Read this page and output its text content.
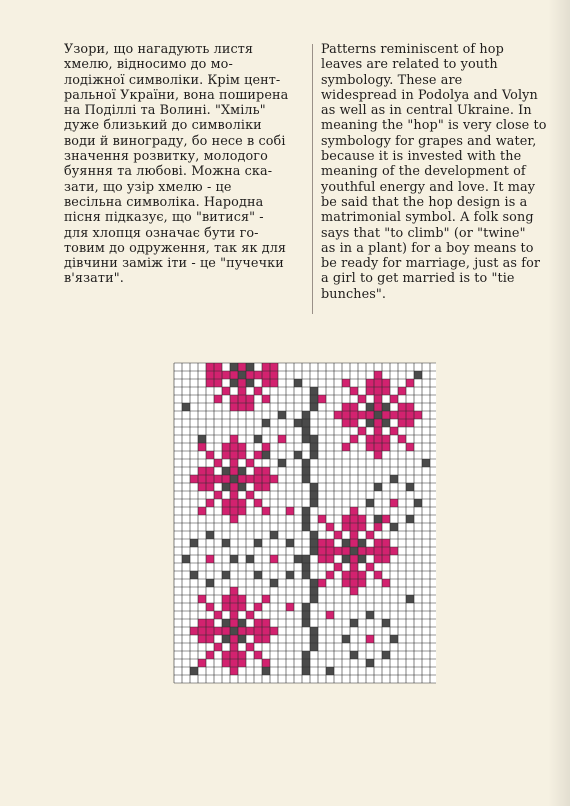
Узори, що нагадують листя

хмелю, відносимо до мо-

лодіжної символіки. Крім цент-

ральної України, вона поширена

на Поділлі та Волині. "Хміль"

дуже близький до символіки

води й винограду, бо несе в собі

значення розвитку, молодого

буяння та любові. Можна ска-

зати, що узір хмелю - це

весільна символіка. Народна

пісня підказує, що "витися" -

для хлопця означає бути го-

товим до одруження, так як для

дівчини заміж іти - це "пучечки

в'язати".

Patterns reminiscent of hop

leaves are related to youth

symbology. These are

widespread in Podolya and Volyn

as well as in central Ukraine. In

meaning the "hop" is very close to

symbology for grapes and water,

because it is invested with the

meaning of the development of

youthful energy and love. It may

be said that the hop design is a

matrimonial symbol. A folk song

says that "to climb" (or "twine"

as in a plant) for a boy means to

be ready for marriage, just as for

a girl to get married is to "tie

bunches".
